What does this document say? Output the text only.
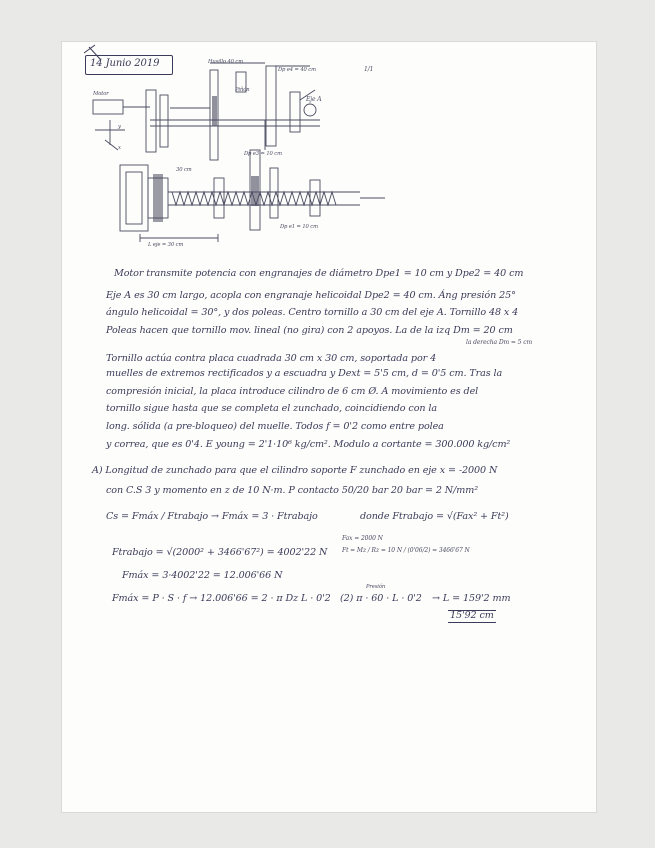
14 Junio 2019

1/1

Motor

Husillo 40 cm

Dp e4 = 40 cm

Piñón

Eje A

y

x

Dp e3 = 10 cm

30 cm

Dp e1 = 10 cm

L eje = 30 cm

Motor transmite potencia con engranajes de diámetro Dpe1 = 10 cm y Dpe2 = 40 cm

Eje A es 30 cm largo, acopla con engranaje helicoidal Dpe2 = 40 cm. Áng presión 25°

ángulo helicoidal = 30°, y dos poleas. Centro tornillo a 30 cm del eje A. Tornillo 48 x 4

Poleas hacen que tornillo mov. lineal (no gira) con 2 apoyos. La de la izq Dm = 20 cm

la derecha Dm = 5 cm

Tornillo actúa contra placa cuadrada 30 cm x 30 cm, soportada por 4

muelles de extremos rectificados y a escuadra y Dext = 5'5 cm, d = 0'5 cm. Tras la

compresión inicial, la placa introduce cilindro de 6 cm Ø. A movimiento es del

tornillo sigue hasta que se completa el zunchado, coincidiendo con la

long. sólida (a pre-bloqueo) del muelle. Todos f = 0'2 como entre polea

y correa, que es 0'4. E young = 2'1·10⁶ kg/cm². Modulo a cortante = 300.000 kg/cm²

A) Longitud de zunchado para que el cilindro soporte F zunchado en eje x = -2000 N

con C.S 3 y momento en z de 10 N·m. P contacto 50/20 bar 20 bar = 2 N/mm²

Cs = Fmáx / Ftrabajo → Fmáx = 3 · Ftrabajo	donde Ftrabajo = √(Fax² + Ft²)

Fax = 2000 N

Ft = Mz / Rz = 10 N / (0'06/2) = 3466'67 N

Ftrabajo = √(2000² + 3466'67²) = 4002'22 N

Fmáx = 3·4002'22 = 12.006'66 N

Presión

Fmáx = P · S · f → 12.006'66 = 2 · π Dz L · 0'2 (2) π · 60 · L · 0'2 → L = 159'2 mm

15'92 cm
